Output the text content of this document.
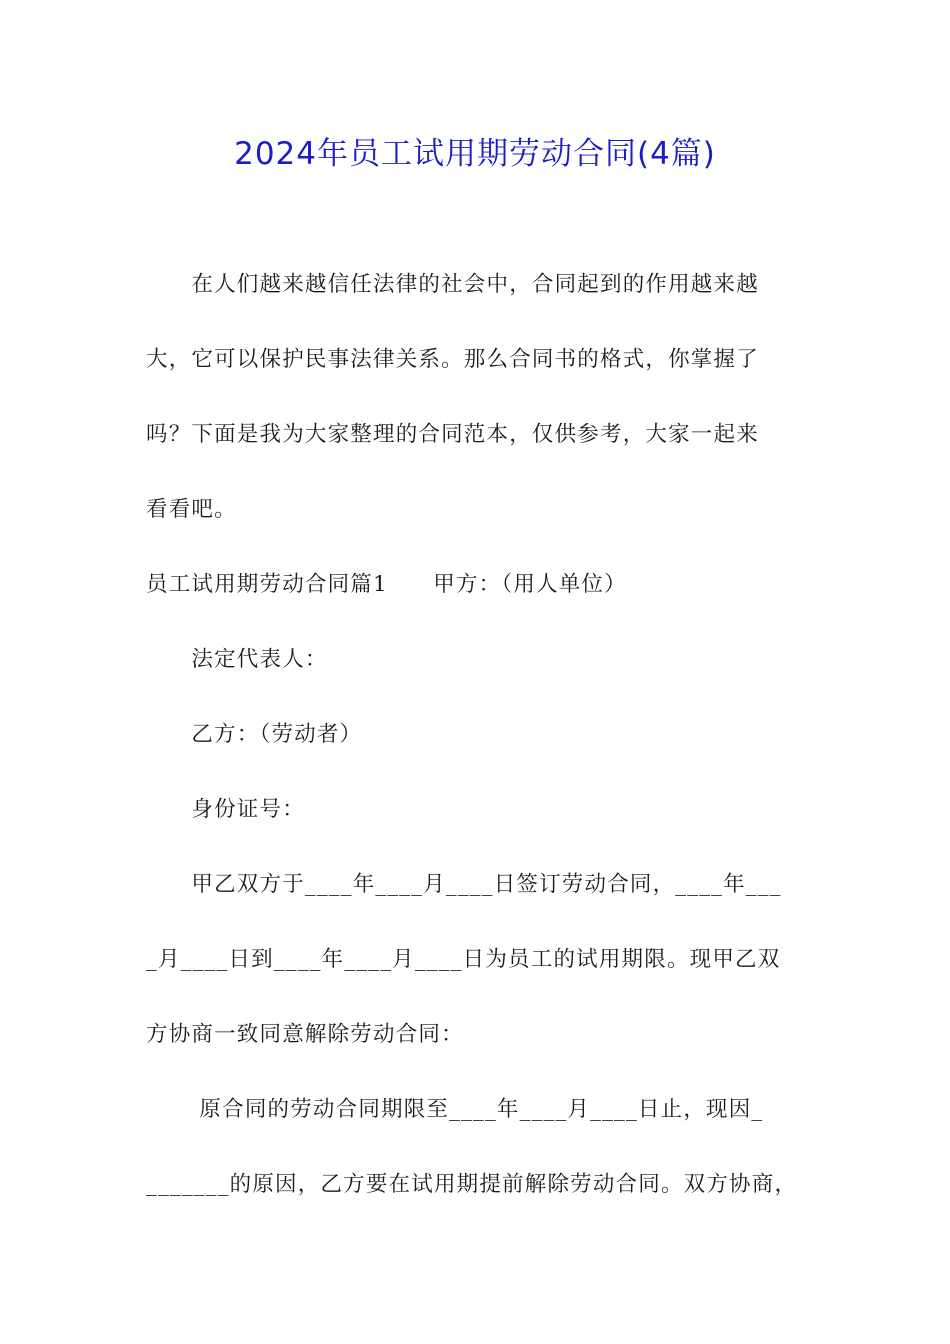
2024年员工试用期劳动合同(4篇)
　　在人们越来越信任法律的社会中，合同起到的作用越来越
大，它可以保护民事法律关系。那么合同书的格式，你掌握了
吗？下面是我为大家整理的合同范本，仅供参考，大家一起来
看看吧。
员工试用期劳动合同篇1　　甲方：（用人单位）
　　法定代表人：
　　乙方：（劳动者）
　　身份证号：
　　甲乙双方于____年____月____日签订劳动合同，____年___
_月____日到____年____月____日为员工的试用期限。现甲乙双
方协商一致同意解除劳动合同：
　　 原合同的劳动合同期限至____年____月____日止，现因_
_______的原因，乙方要在试用期提前解除劳动合同。双方协商，
